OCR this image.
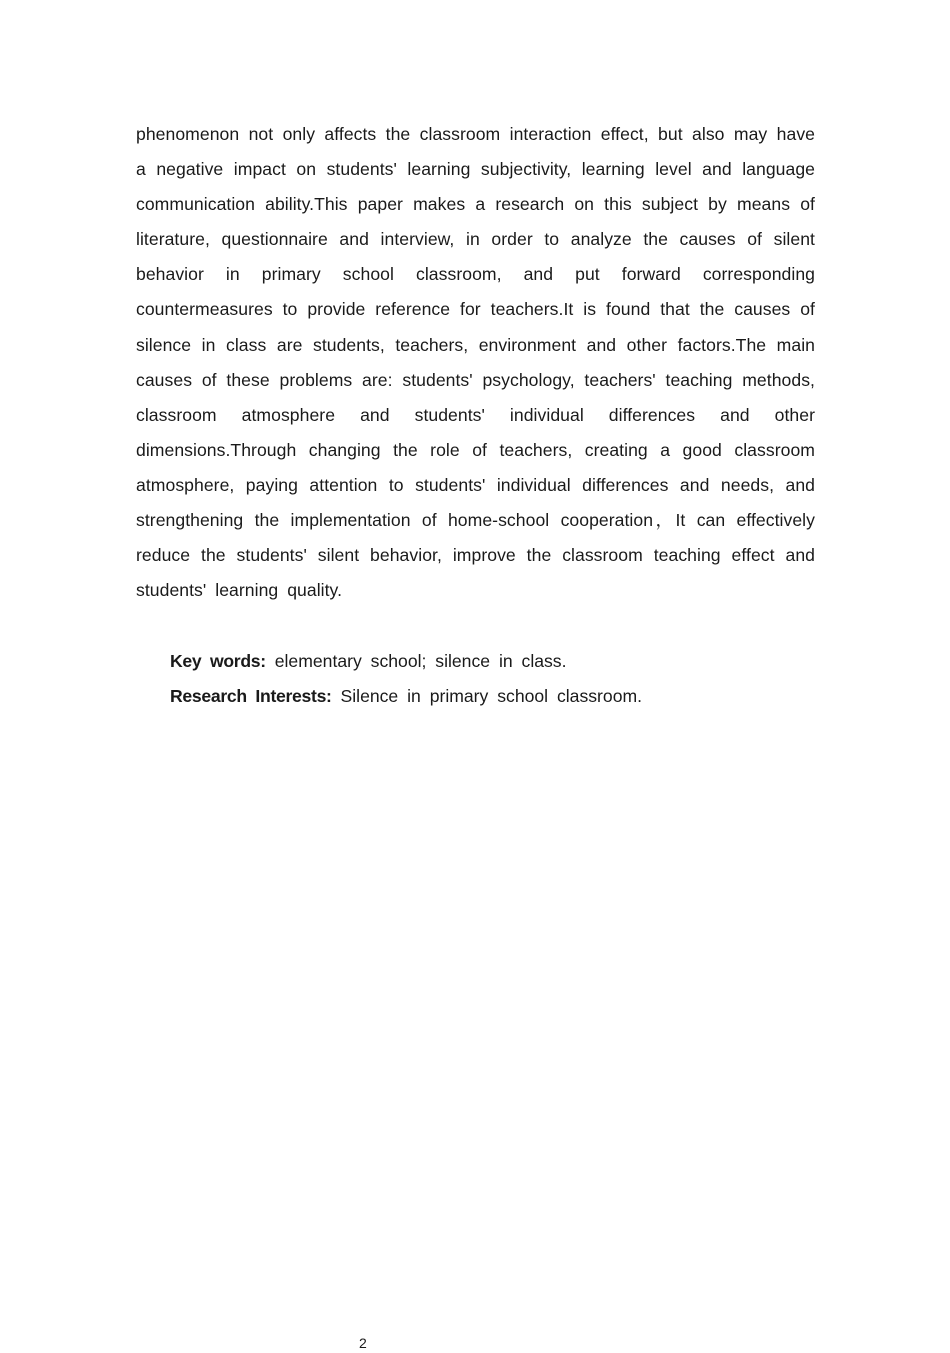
phenomenon not only affects the classroom interaction effect, but also may have a negative impact on students' learning subjectivity, learning level and language communication ability.This paper makes a research on this subject by means of literature, questionnaire and interview, in order to analyze the causes of silent behavior in primary school classroom, and put forward corresponding countermeasures to provide reference for teachers.It is found that the causes of silence in class are students, teachers, environment and other factors.The main causes of these problems are: students' psychology, teachers' teaching methods, classroom atmosphere and students' individual differences and other dimensions.Through changing the role of teachers, creating a good classroom atmosphere, paying attention to students' individual differences and needs, and strengthening the implementation of home-school cooperation，It can effectively reduce the students' silent behavior, improve the classroom teaching effect and students' learning quality.

Key words: elementary school; silence in class.

Research Interests: Silence in primary school classroom.

2
